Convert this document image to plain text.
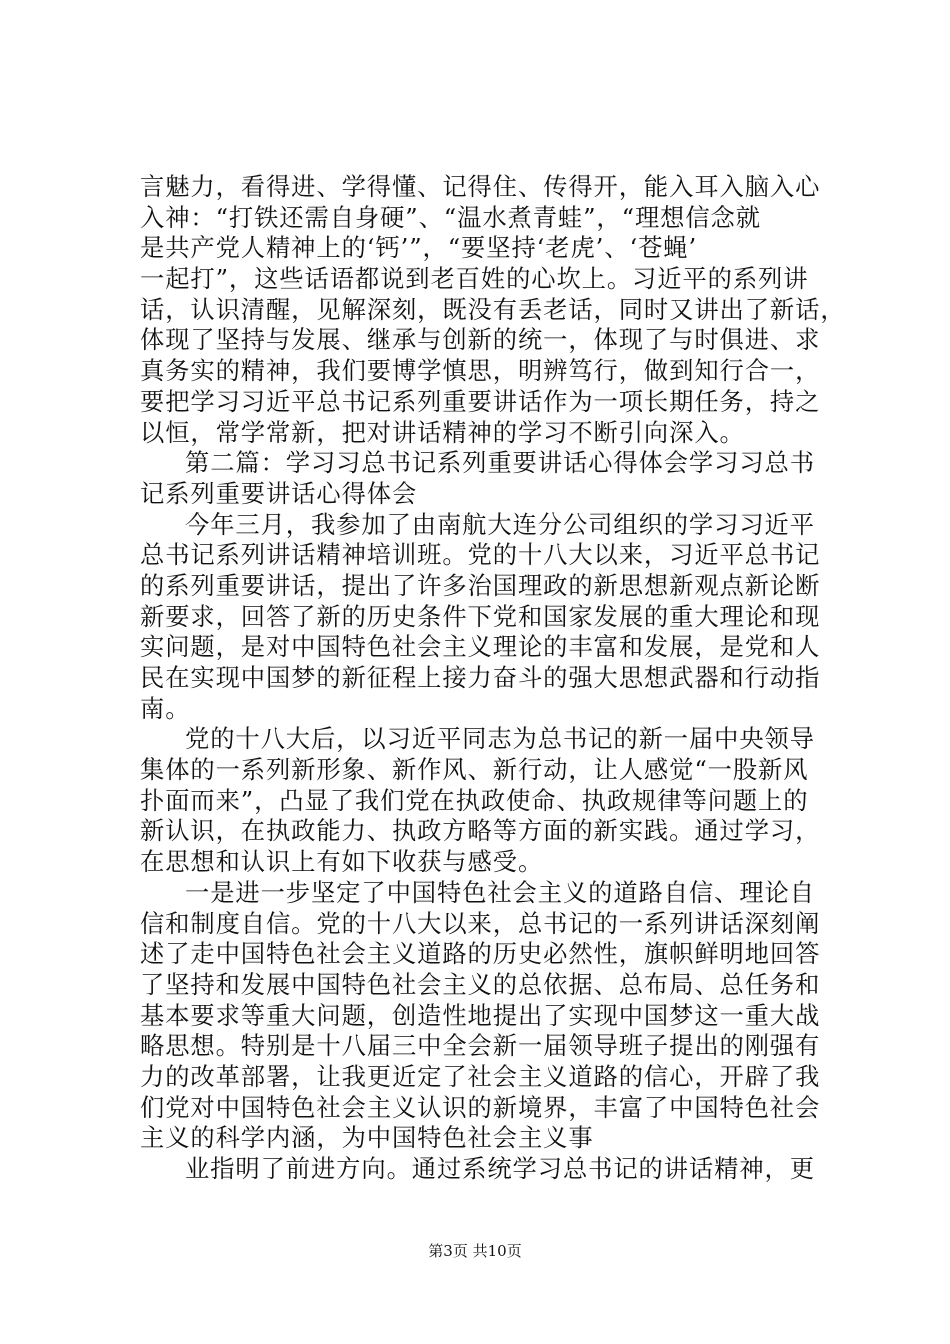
言魅力，看得进、学得懂、记得住、传得开，能入耳入脑入心
入神：“打铁还需自身硬”、“温水煮青蛙”，“理想信念就
是共产党人精神上的‘钙’”，“要坚持‘老虎’、‘苍蝇’
一起打”，这些话语都说到老百姓的心坎上。习近平的系列讲
话，认识清醒，见解深刻，既没有丢老话，同时又讲出了新话，
体现了坚持与发展、继承与创新的统一，体现了与时俱进、求
真务实的精神，我们要博学慎思，明辨笃行，做到知行合一，
要把学习习近平总书记系列重要讲话作为一项长期任务，持之
以恒，常学常新，把对讲话精神的学习不断引向深入。
第二篇：学习习总书记系列重要讲话心得体会学习习总书
记系列重要讲话心得体会
今年三月，我参加了由南航大连分公司组织的学习习近平
总书记系列讲话精神培训班。党的十八大以来，习近平总书记
的系列重要讲话，提出了许多治国理政的新思想新观点新论断
新要求，回答了新的历史条件下党和国家发展的重大理论和现
实问题，是对中国特色社会主义理论的丰富和发展，是党和人
民在实现中国梦的新征程上接力奋斗的强大思想武器和行动指
南。
党的十八大后，以习近平同志为总书记的新一届中央领导
集体的一系列新形象、新作风、新行动，让人感觉“一股新风
扑面而来”，凸显了我们党在执政使命、执政规律等问题上的
新认识，在执政能力、执政方略等方面的新实践。通过学习，
在思想和认识上有如下收获与感受。
一是进一步坚定了中国特色社会主义的道路自信、理论自
信和制度自信。党的十八大以来，总书记的一系列讲话深刻阐
述了走中国特色社会主义道路的历史必然性，旗帜鲜明地回答
了坚持和发展中国特色社会主义的总依据、总布局、总任务和
基本要求等重大问题，创造性地提出了实现中国梦这一重大战
略思想。特别是十八届三中全会新一届领导班子提出的刚强有
力的改革部署，让我更近定了社会主义道路的信心，开辟了我
们党对中国特色社会主义认识的新境界，丰富了中国特色社会
主义的科学内涵，为中国特色社会主义事
业指明了前进方向。通过系统学习总书记的讲话精神，更
第3页 共10页
